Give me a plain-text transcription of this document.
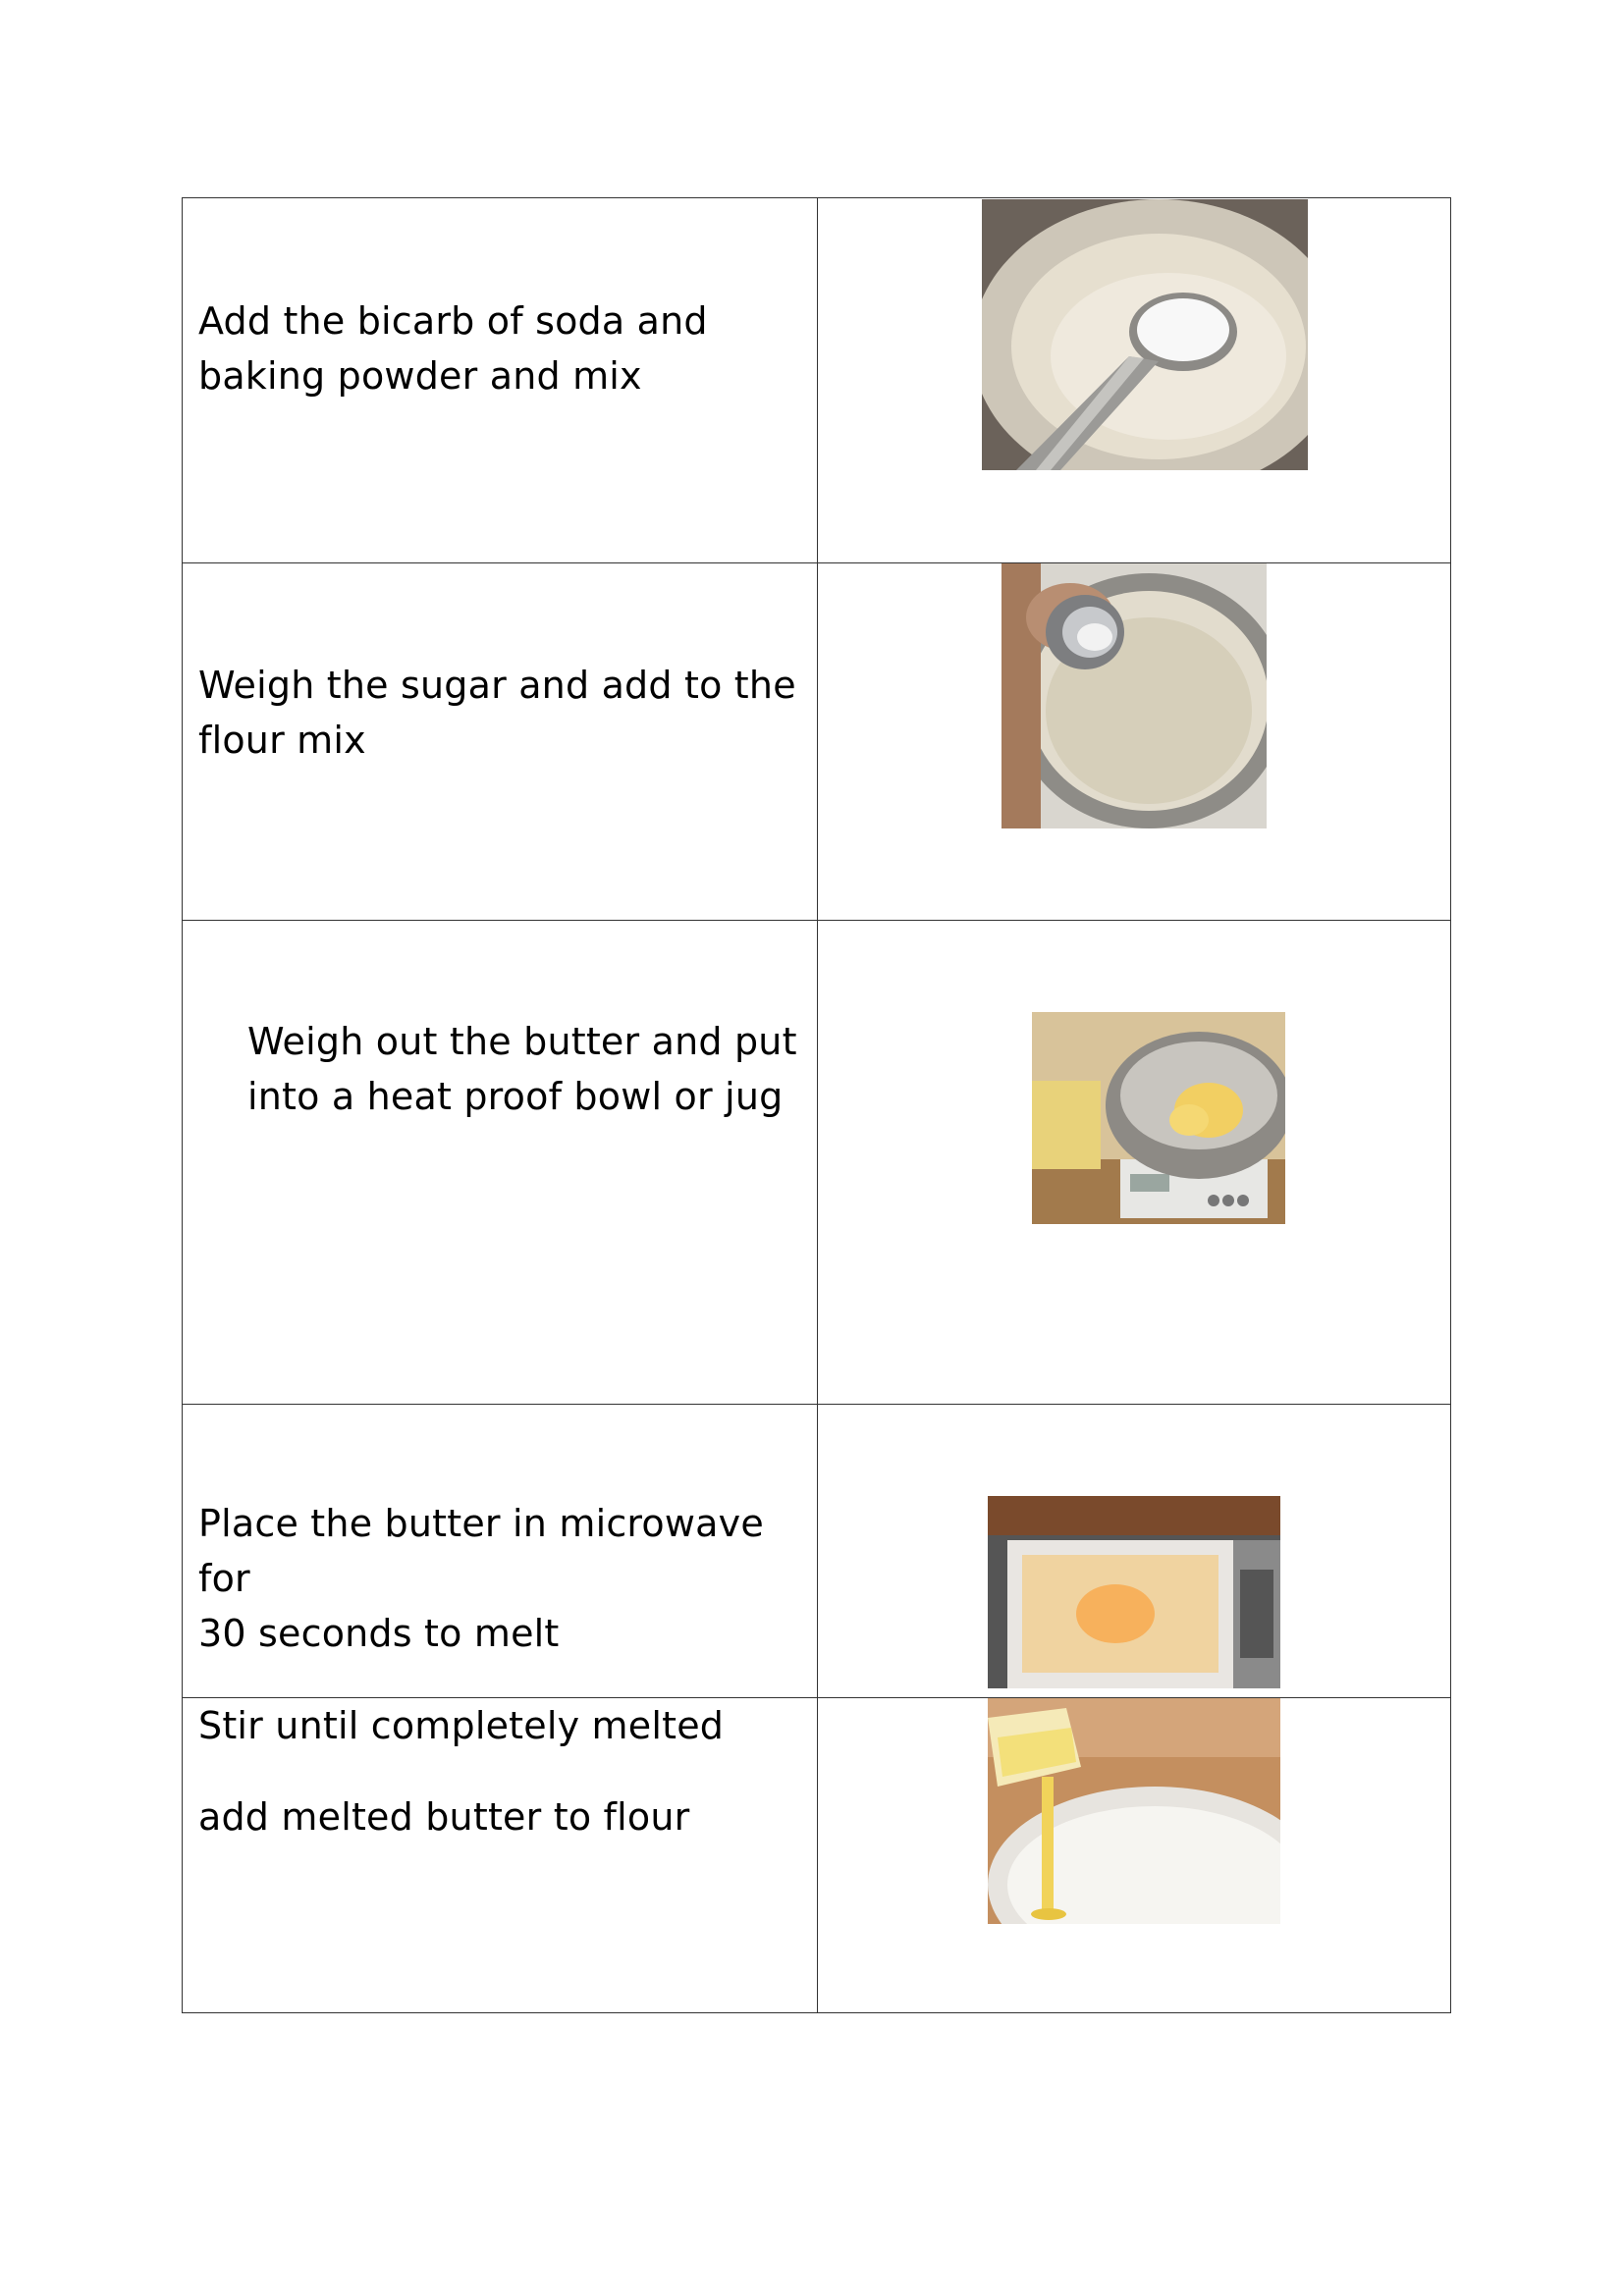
Add the bicarb of soda and

baking powder and mix

Weigh the sugar and add to the

flour mix

Weigh out the butter and put

into a heat proof bowl or jug

Place the butter in microwave for

30 seconds to melt

Stir until completely melted

add melted butter to flour
